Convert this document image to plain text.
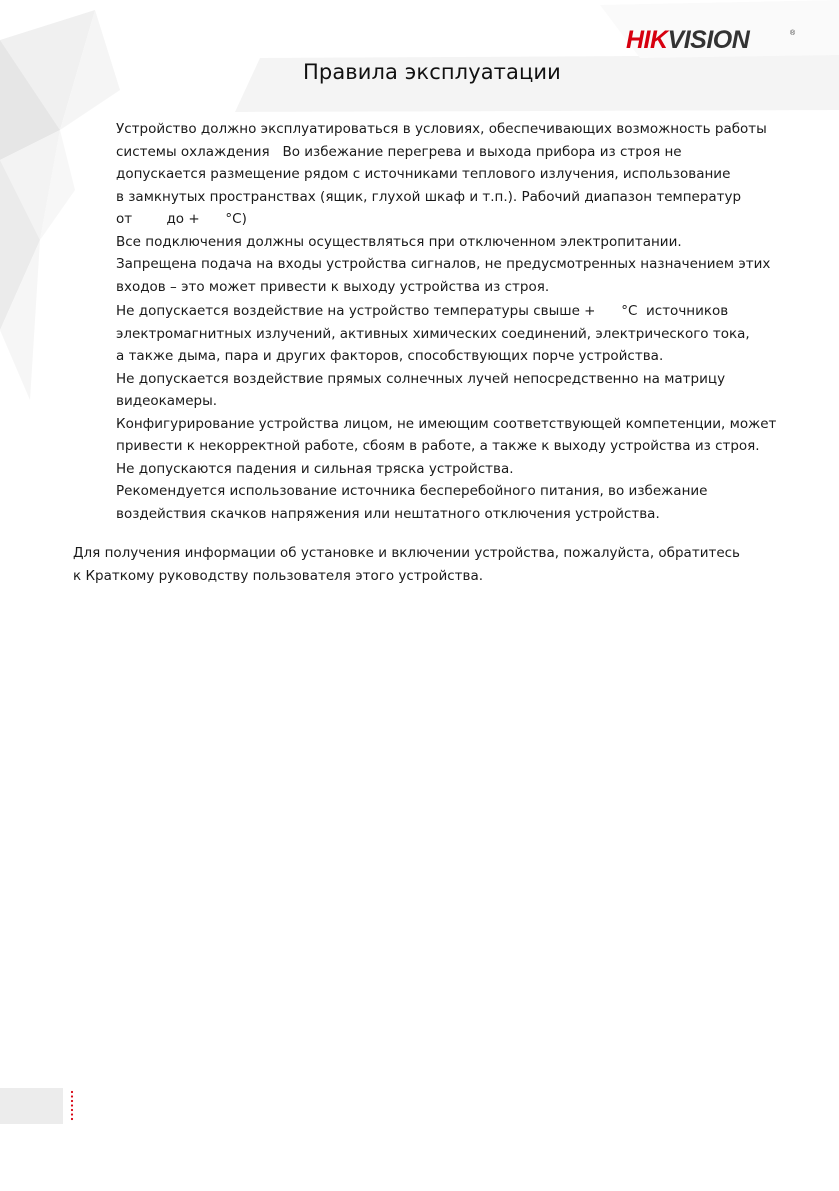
HIKVISION	®
Правила эксплуатации
Устройство должно эксплуатироваться в условиях, обеспечивающих возможность работы
системы охлаждения   Во избежание перегрева и выхода прибора из строя не
допускается размещение рядом с источниками теплового излучения, использование
в замкнутых пространствах (ящик, глухой шкаф и т.п.). Рабочий диапазон температур
от        до +      °C)
Все подключения должны осуществляться при отключенном электропитании.
Запрещена подача на входы устройства сигналов, не предусмотренных назначением этих
входов – это может привести к выходу устройства из строя.
Не допускается воздействие на устройство температуры свыше +      °C  источников
электромагнитных излучений, активных химических соединений, электрического тока,
а также дыма, пара и других факторов, способствующих порче устройства.
Не допускается воздействие прямых солнечных лучей непосредственно на матрицу
видеокамеры.
Конфигурирование устройства лицом, не имеющим соответствующей компетенции, может
привести к некорректной работе, сбоям в работе, а также к выходу устройства из строя.
Не допускаются падения и сильная тряска устройства.
Рекомендуется использование источника бесперебойного питания, во избежание
воздействия скачков напряжения или нештатного отключения устройства.
Для получения информации об установке и включении устройства, пожалуйста, обратитесь
к Краткому руководству пользователя этого устройства.
